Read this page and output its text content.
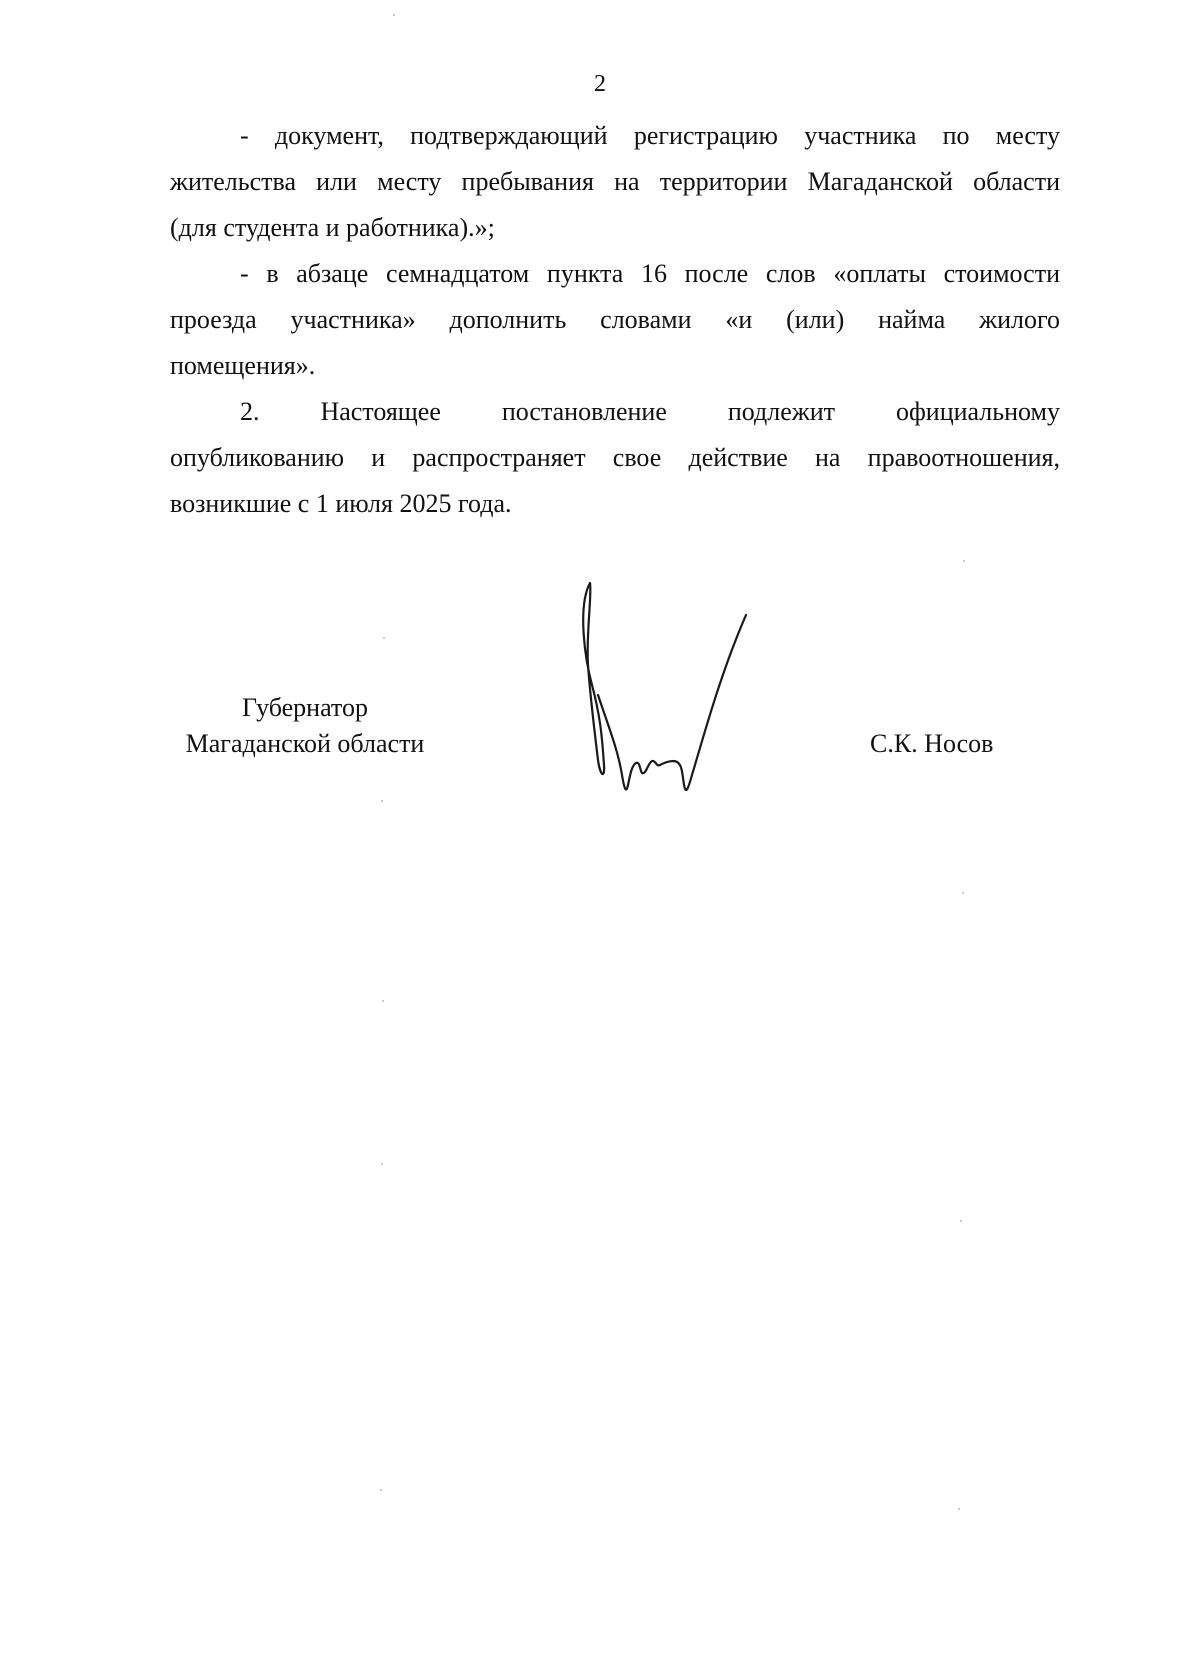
2

- документ, подтверждающий регистрацию участника по месту
жительства или месту пребывания на территории Магаданской области
(для студента и работника).»;

- в абзаце семнадцатом пункта 16 после слов «оплаты стоимости
проезда участника» дополнить словами «и (или) найма жилого
помещения».

2. Настоящее постановление подлежит официальному
опубликованию и распространяет свое действие на правоотношения,
возникшие с 1 июля 2025 года.

Губернатор
Магаданской области	С.К. Носов
